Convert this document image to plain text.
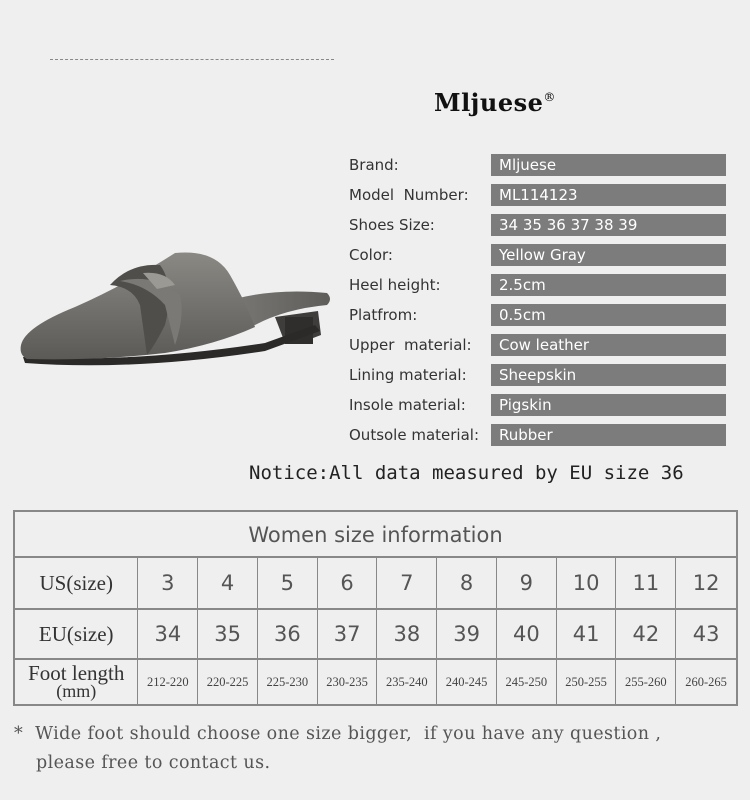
Mljuese®
Brand:	Mljuese
Model  Number:	ML114123
Shoes Size:	34 35 36 37 38 39
Color:	Yellow Gray
Heel height:	2.5cm
Platfrom:	0.5cm
Upper  material:	Cow leather
Lining material:	Sheepskin
Insole material:	Pigskin
Outsole material:	Rubber
Notice:All data measured by EU size 36
Women size information
US(size)	3	4	5	6	7	8	9	10	11	12
EU(size)	34	35	36	37	38	39	40	41	42	43
Foot length
(mm)	212-220	220-225	225-230	230-235	235-240	240-245	245-250	250-255	255-260	260-265
*  Wide foot should choose one size bigger,  if you have any question ,
please free to contact us.
